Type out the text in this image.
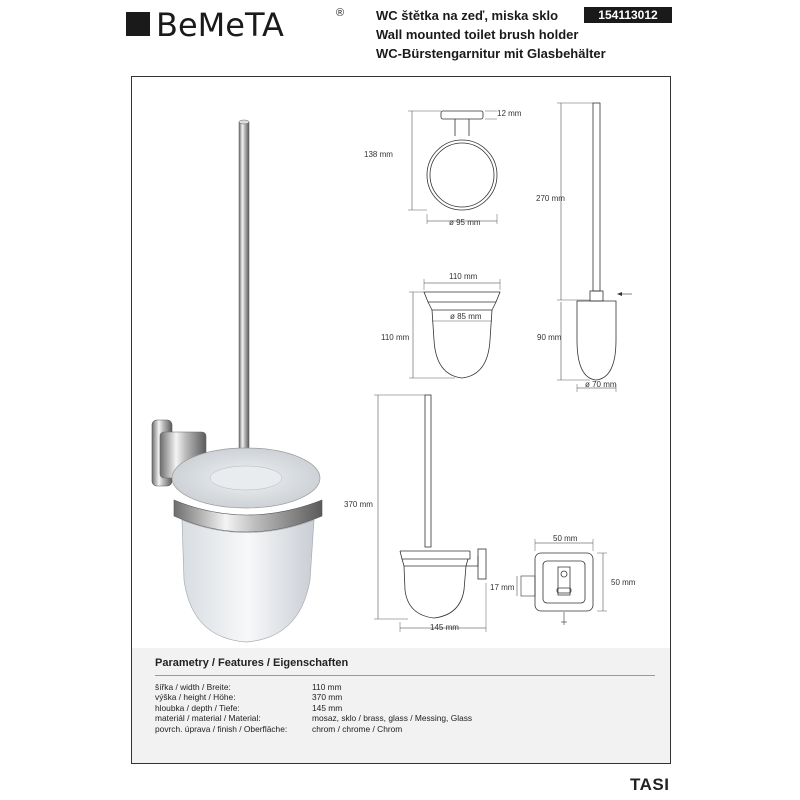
BeMeTA	® WC štětka na zeď, miska sklo
Wall mounted toilet brush holder
WC-Bürstengarnitur mit Glasbehälter
154113012
138 mm
12 mm
ø 95 mm
110 mm
ø 85 mm
110 mm
270 mm
90 mm
ø 70 mm
370 mm
145 mm
50 mm
50 mm
17 mm
Parametry / Features / Eigenschaften
šířka / width / Breite:	110 mm
výška / height / Höhe:	370 mm
hloubka / depth / Tiefe:	145 mm
materiál / material / Material:	mosaz, sklo / brass, glass / Messing, Glass
povrch. úprava / finish / Oberfläche:	chrom / chrome / Chrom
TASI
